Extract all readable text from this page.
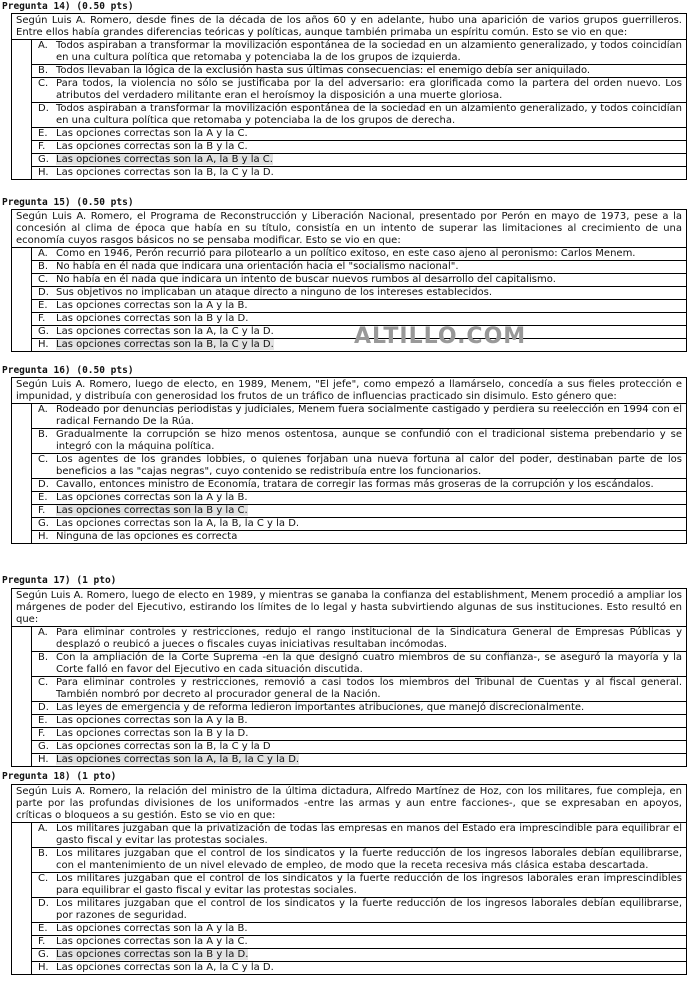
Pregunta 14) (0.50 pts)
Según Luis A. Romero, desde fines de la década de los años 60 y en adelante, hubo una aparición de varios grupos guerrilleros. Entre ellos había grandes diferencias teóricas y políticas, aunque también primaba un espíritu común. Esto se vio en que:
A. Todos aspiraban a transformar la movilización espontánea de la sociedad en un alzamiento generalizado, y todos coincidían en una cultura política que retomaba y potenciaba la de los grupos de izquierda.
B. Todos llevaban la lógica de la exclusión hasta sus últimas consecuencias: el enemigo debía ser aniquilado.
C. Para todos, la violencia no sólo se justificaba por la del adversario: era glorificada como la partera del orden nuevo. Los atributos del verdadero militante eran el heroísmoy la disposición a una muerte gloriosa.
D. Todos aspiraban a transformar la movilización espontánea de la sociedad en un alzamiento generalizado, y todos coincidían en una cultura política que retomaba y potenciaba la de los grupos de derecha.
E. Las opciones correctas son la A y la C.
F.	Las opciones correctas son la B y la C.
G. Las opciones correctas son la A, la B y la C.
H. Las opciones correctas son la B, la C y la D.
Pregunta 15) (0.50 pts)
Según Luis A. Romero, el Programa de Reconstrucción y Liberación Nacional, presentado por Perón en mayo de 1973, pese a la concesión al clima de época que había en su título, consistía en un intento de superar las limitaciones al crecimiento de una economía cuyos rasgos básicos no se pensaba modificar. Esto se vio en que:
A. Como en 1946, Perón recurrió para pilotearlo a un político exitoso, en este caso ajeno al peronismo: Carlos Menem.
B. No había en él nada que indicara una orientación hacia el "socialismo nacional".
C. No había en él nada que indicara un intento de buscar nuevos rumbos al desarrollo del capitalismo.
D. Sus objetivos no implicaban un ataque directo a ninguno de los intereses establecidos.
E. Las opciones correctas son la A y la B.
F.	Las opciones correctas son la B y la D.
G. Las opciones correctas son la A, la C y la D.
H. Las opciones correctas son la B, la C y la D.
Pregunta 16) (0.50 pts)
Según Luis A. Romero, luego de electo, en 1989, Menem, "El jefe", como empezó a llamárselo, concedía a sus fieles protección e impunidad, y distribuía con generosidad los frutos de un tráfico de influencias practicado sin disimulo. Esto género que:
A. Rodeado por denuncias periodistas y judiciales, Menem fuera socialmente castigado y perdiera su reelección en 1994 con el radical Fernando De la Rúa.
B. Gradualmente la corrupción se hizo menos ostentosa, aunque se confundió con el tradicional sistema prebendario y se integró con la máquina política.
C. Los agentes de los grandes lobbies, o quienes forjaban una nueva fortuna al calor del poder, destinaban parte de los beneficios a las "cajas negras", cuyo contenido se redistribuía entre los funcionarios.
D. Cavallo, entonces ministro de Economía, tratara de corregir las formas más groseras de la corrupción y los escándalos.
E. Las opciones correctas son la A y la B.
F.	Las opciones correctas son la B y la C.
G. Las opciones correctas son la A, la B, la C y la D.
H. Ninguna de las opciones es correcta
Pregunta 17) (1 pto)
Según Luis A. Romero, luego de electo en 1989, y mientras se ganaba la confianza del establishment, Menem procedió a ampliar los márgenes de poder del Ejecutivo, estirando los límites de lo legal y hasta subvirtiendo algunas de sus instituciones. Esto resultó en que:
A. Para eliminar controles y restricciones, redujo el rango institucional de la Sindicatura General de Empresas Públicas y desplazó o reubicó a jueces o fiscales cuyas iniciativas resultaban incómodas.
B. Con la ampliación de la Corte Suprema -en la que designó cuatro miembros de su confianza-, se aseguró la mayoría y la Corte falló en favor del Ejecutivo en cada situación discutida.
C. Para eliminar controles y restricciones, removió a casi todos los miembros del Tribunal de Cuentas y al fiscal general. También nombró por decreto al procurador general de la Nación.
D. Las leyes de emergencia y de reforma ledieron importantes atribuciones, que manejó discrecionalmente.
E. Las opciones correctas son la A y la B.
F.	Las opciones correctas son la B y la D.
G. Las opciones correctas son la B, la C y la D
H. Las opciones correctas son la A, la B, la C y la D.
Pregunta 18) (1 pto)
Según Luis A. Romero, la relación del ministro de la última dictadura, Alfredo Martínez de Hoz, con los militares, fue compleja, en parte por las profundas divisiones de los uniformados -entre las armas y aun entre facciones-, que se expresaban en apoyos, críticas o bloqueos a su gestión. Esto se vio en que:
A. Los militares juzgaban que la privatización de todas las empresas en manos del Estado era imprescindible para equilibrar el gasto fiscal y evitar las protestas sociales.
B. Los militares juzgaban que el control de los sindicatos y la fuerte reducción de los ingresos laborales debían equilibrarse, con el mantenimiento de un nivel elevado de empleo, de modo que la receta recesiva más clásica estaba descartada.
C. Los militares juzgaban que el control de los sindicatos y la fuerte reducción de los ingresos laborales eran imprescindibles para equilibrar el gasto fiscal y evitar las protestas sociales.
D. Los militares juzgaban que el control de los sindicatos y la fuerte reducción de los ingresos laborales debían equilibrarse, por razones de seguridad.
E. Las opciones correctas son la A y la B.
F.	Las opciones correctas son la A y la C.
G. Las opciones correctas son la B y la D.
H. Las opciones correctas son la A, la C y la D.
ALTILLO.COM
